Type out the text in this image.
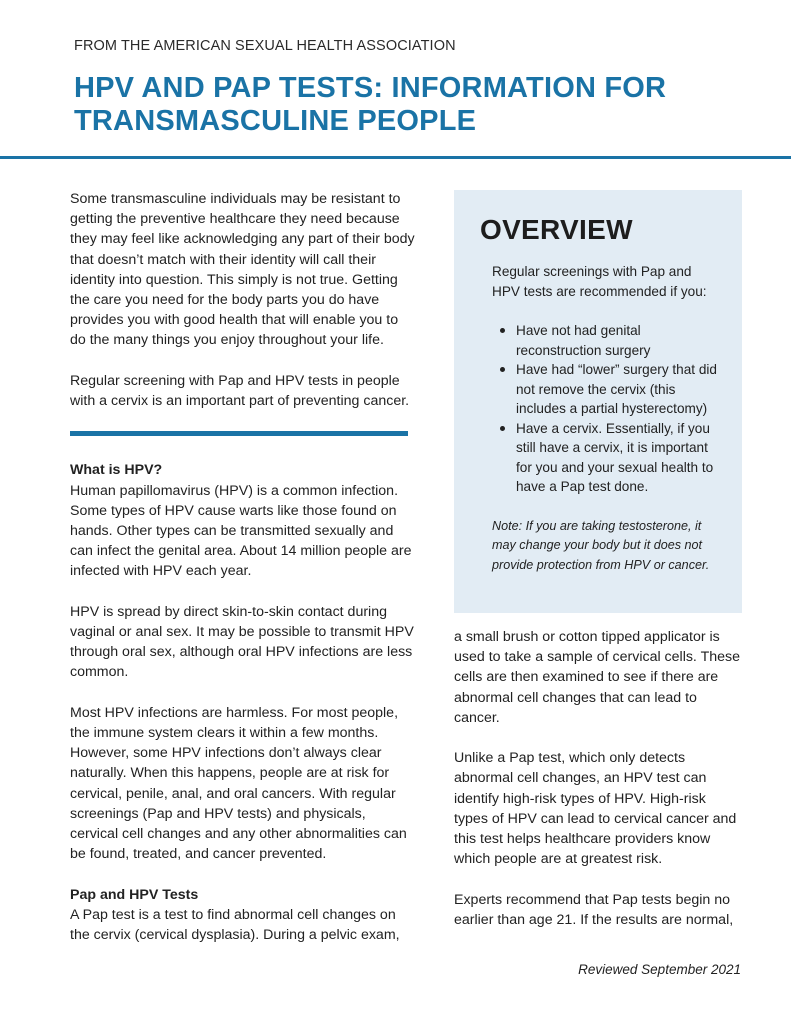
FROM THE AMERICAN SEXUAL HEALTH ASSOCIATION
HPV AND PAP TESTS: INFORMATION FOR TRANSMASCULINE PEOPLE

Some transmasculine individuals may be resistant to getting the preventive healthcare they need because they may feel like acknowledging any part of their body that doesn’t match with their identity will call their identity into question. This simply is not true. Getting the care you need for the body parts you do have provides you with good health that will enable you to do the many things you enjoy throughout your life.

Regular screening with Pap and HPV tests in people with a cervix is an important part of preventing cancer.

What is HPV?

Human papillomavirus (HPV) is a common infection. Some types of HPV cause warts like those found on hands. Other types can be transmitted sexually and can infect the genital area. About 14 million people are infected with HPV each year.

HPV is spread by direct skin-to-skin contact during vaginal or anal sex. It may be possible to transmit HPV through oral sex, although oral HPV infections are less common.

Most HPV infections are harmless. For most people, the immune system clears it within a few months. However, some HPV infections don’t always clear naturally. When this happens, people are at risk for cervical, penile, anal, and oral cancers. With regular screenings (Pap and HPV tests) and physicals, cervical cell changes and any other abnormalities can be found, treated, and cancer prevented.

Pap and HPV Tests

A Pap test is a test to find abnormal cell changes on the cervix (cervical dysplasia). During a pelvic exam,

OVERVIEW

Regular screenings with Pap and HPV tests are recommended if you:

Have not had genital reconstruction surgery
Have had “lower” surgery that did not remove the cervix (this includes a partial hysterectomy)
Have a cervix. Essentially, if you still have a cervix, it is important for you and your sexual health to have a Pap test done.

Note: If you are taking testosterone, it may change your body but it does not provide protection from HPV or cancer.

a small brush or cotton tipped applicator is used to take a sample of cervical cells. These cells are then examined to see if there are abnormal cell changes that can lead to cancer.

Unlike a Pap test, which only detects abnormal cell changes, an HPV test can identify high-risk types of HPV. High-risk types of HPV can lead to cervical cancer and this test helps healthcare providers know which people are at greatest risk.

Experts recommend that Pap tests begin no earlier than age 21. If the results are normal,

Reviewed September 2021
